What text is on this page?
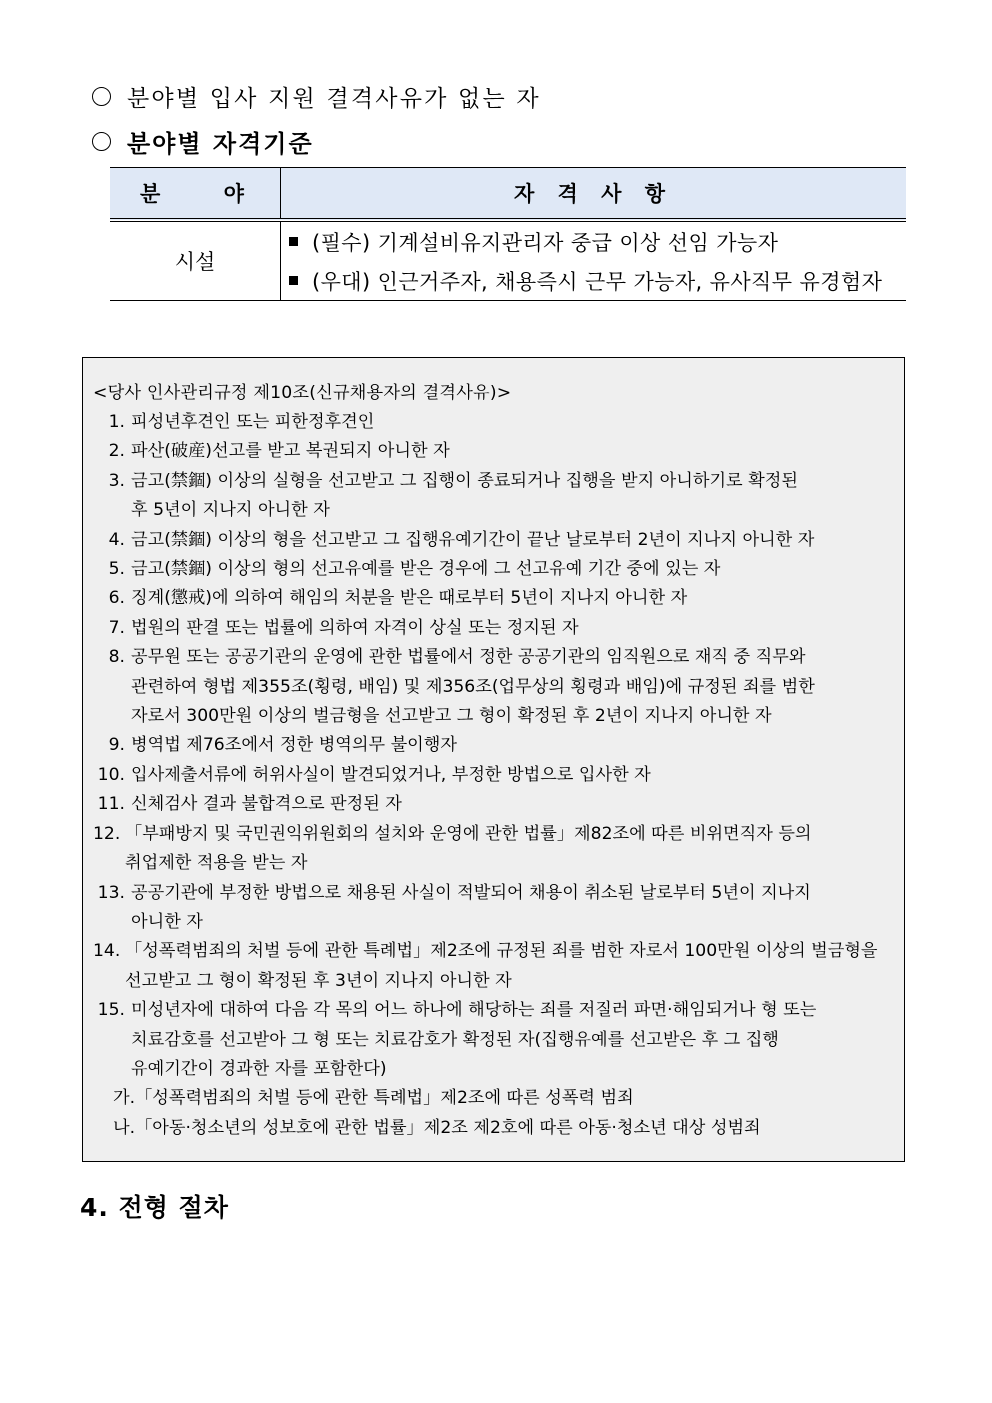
분야별 입사 지원 결격사유가 없는 자
분야별 자격기준
분 야	자 격 사 항
시설	(필수) 기계설비유지관리자 중급 이상 선임 가능자
(우대) 인근거주자, 채용즉시 근무 가능자, 유사직무 유경험자
<당사 인사관리규정 제10조(신규채용자의 결격사유)>
1. 피성년후견인 또는 피한정후견인
2. 파산(破産)선고를 받고 복권되지 아니한 자
3. 금고(禁錮) 이상의 실형을 선고받고 그 집행이 종료되거나 집행을 받지 아니하기로 확정된
후 5년이 지나지 아니한 자
4. 금고(禁錮) 이상의 형을 선고받고 그 집행유예기간이 끝난 날로부터 2년이 지나지 아니한 자
5. 금고(禁錮) 이상의 형의 선고유예를 받은 경우에 그 선고유예 기간 중에 있는 자
6. 징계(懲戒)에 의하여 해임의 처분을 받은 때로부터 5년이 지나지 아니한 자
7. 법원의 판결 또는 법률에 의하여 자격이 상실 또는 정지된 자
8. 공무원 또는 공공기관의 운영에 관한 법률에서 정한 공공기관의 임직원으로 재직 중 직무와
관련하여 형법 제355조(횡령, 배임) 및 제356조(업무상의 횡령과 배임)에 규정된 죄를 범한
자로서 300만원 이상의 벌금형을 선고받고 그 형이 확정된 후 2년이 지나지 아니한 자
9. 병역법 제76조에서 정한 병역의무 불이행자
10. 입사제출서류에 허위사실이 발견되었거나, 부정한 방법으로 입사한 자
11. 신체검사 결과 불합격으로 판정된 자
12. 「부패방지 및 국민권익위원회의 설치와 운영에 관한 법률」제82조에 따른 비위면직자 등의
취업제한 적용을 받는 자
13. 공공기관에 부정한 방법으로 채용된 사실이 적발되어 채용이 취소된 날로부터 5년이 지나지
아니한 자
14. 「성폭력범죄의 처벌 등에 관한 특례법」제2조에 규정된 죄를 범한 자로서 100만원 이상의 벌금형을
선고받고 그 형이 확정된 후 3년이 지나지 아니한 자
15. 미성년자에 대하여 다음 각 목의 어느 하나에 해당하는 죄를 저질러 파면·해임되거나 형 또는
치료감호를 선고받아 그 형 또는 치료감호가 확정된 자(집행유예를 선고받은 후 그 집행
유예기간이 경과한 자를 포함한다)
가.「성폭력범죄의 처벌 등에 관한 특례법」제2조에 따른 성폭력 범죄
나.「아동·청소년의 성보호에 관한 법률」제2조 제2호에 따른 아동·청소년 대상 성범죄
4. 전형 절차
